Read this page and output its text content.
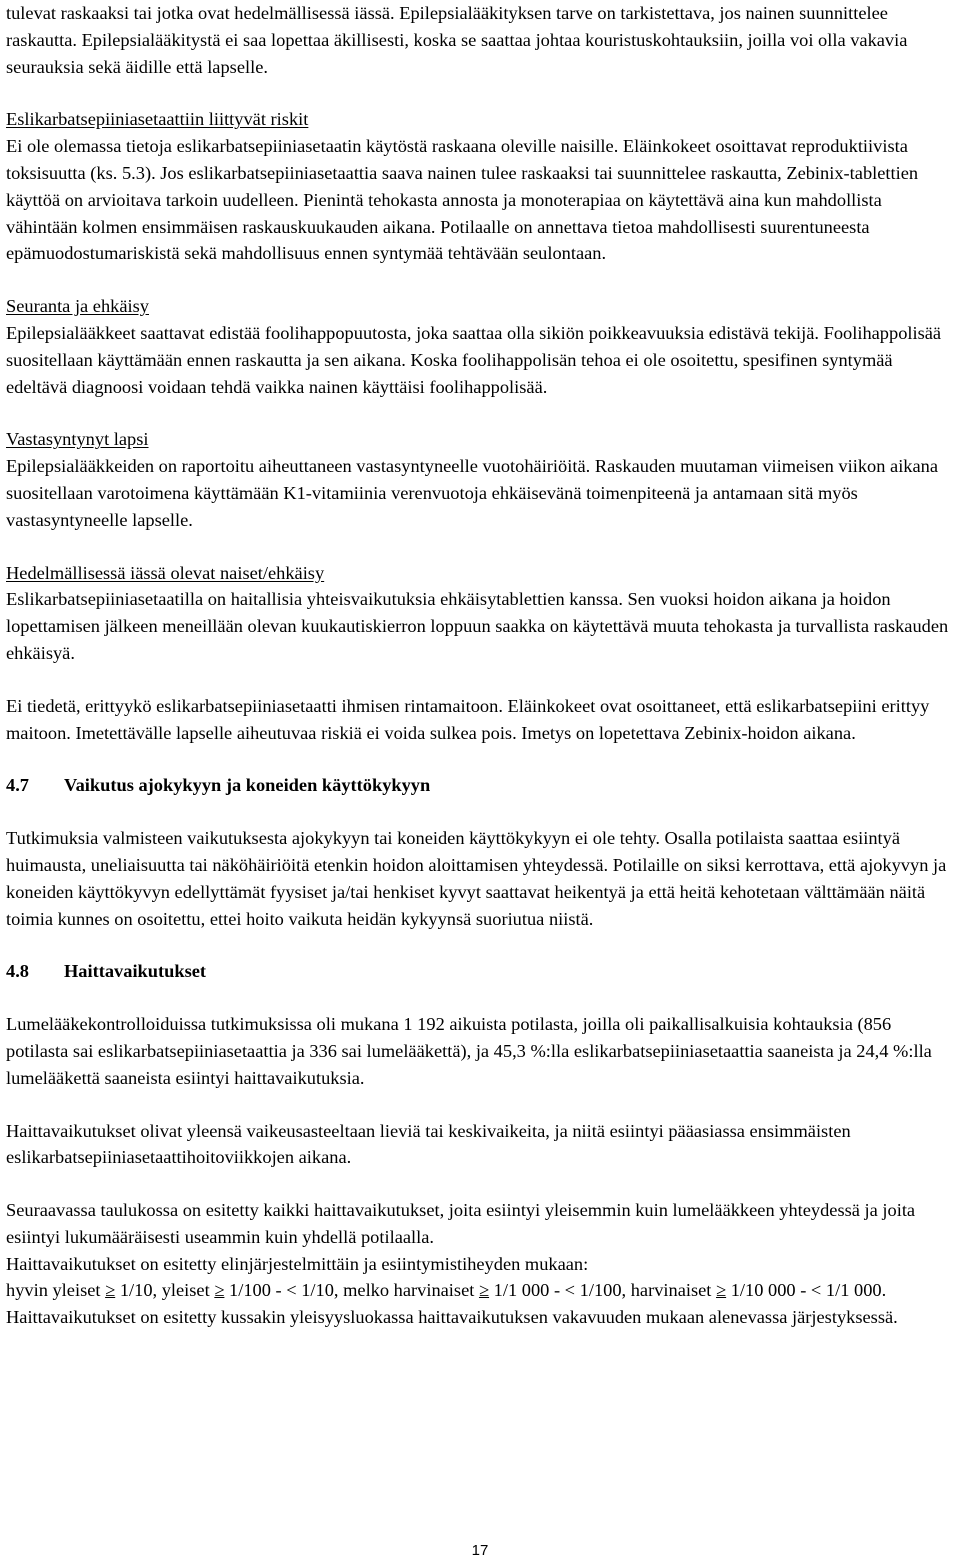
tulevat raskaaksi tai jotka ovat hedelmällisessä iässä. Epilepsialääkityksen tarve on tarkistettava, jos nainen suunnittelee raskautta. Epilepsialääkitystä ei saa lopettaa äkillisesti, koska se saattaa johtaa kouristuskohtauksiin, joilla voi olla vakavia seurauksia sekä äidille että lapselle.

Eslikarbatsepiiniasetaattiin liittyvät riskit

Ei ole olemassa tietoja eslikarbatsepiiniasetaatin käytöstä raskaana oleville naisille. Eläinkokeet osoittavat reproduktiivista toksisuutta (ks. 5.3). Jos eslikarbatsepiiniasetaattia saava nainen tulee raskaaksi tai suunnittelee raskautta, Zebinix-tablettien käyttöä on arvioitava tarkoin uudelleen. Pienintä tehokasta annosta ja monoterapiaa on käytettävä aina kun mahdollista vähintään kolmen ensimmäisen raskauskuukauden aikana. Potilaalle on annettava tietoa mahdollisesti suurentuneesta epämuodostumariskistä sekä mahdollisuus ennen syntymää tehtävään seulontaan.

Seuranta ja ehkäisy

Epilepsialääkkeet saattavat edistää foolihappopuutosta, joka saattaa olla sikiön poikkeavuuksia edistävä tekijä. Foolihappolisää suositellaan käyttämään ennen raskautta ja sen aikana. Koska foolihappolisän tehoa ei ole osoitettu, spesifinen syntymää edeltävä diagnoosi voidaan tehdä vaikka nainen käyttäisi foolihappolisää.

Vastasyntynyt lapsi

Epilepsialääkkeiden on raportoitu aiheuttaneen vastasyntyneelle vuotohäiriöitä. Raskauden muutaman viimeisen viikon aikana suositellaan varotoimena käyttämään K1-vitamiinia verenvuotoja ehkäisevänä toimenpiteenä ja antamaan sitä myös vastasyntyneelle lapselle.

Hedelmällisessä iässä olevat naiset/ehkäisy

Eslikarbatsepiiniasetaatilla on haitallisia yhteisvaikutuksia ehkäisytablettien kanssa. Sen vuoksi hoidon aikana ja hoidon lopettamisen jälkeen meneillään olevan kuukautiskierron loppuun saakka on käytettävä muuta tehokasta ja turvallista raskauden ehkäisyä.

Ei tiedetä, erittyykö eslikarbatsepiiniasetaatti ihmisen rintamaitoon. Eläinkokeet ovat osoittaneet, että eslikarbatsepiini erittyy maitoon. Imetettävälle lapselle aiheutuvaa riskiä ei voida sulkea pois. Imetys on lopetettava Zebinix-hoidon aikana.

4.7 Vaikutus ajokykyyn ja koneiden käyttökykyyn

Tutkimuksia valmisteen vaikutuksesta ajokykyyn tai koneiden käyttökykyyn ei ole tehty. Osalla potilaista saattaa esiintyä huimausta, uneliaisuutta tai näköhäiriöitä etenkin hoidon aloittamisen yhteydessä. Potilaille on siksi kerrottava, että ajokyvyn ja koneiden käyttökyvyn edellyttämät fyysiset ja/tai henkiset kyvyt saattavat heikentyä ja että heitä kehotetaan välttämään näitä toimia kunnes on osoitettu, ettei hoito vaikuta heidän kykyynsä suoriutua niistä.

4.8 Haittavaikutukset

Lumelääkekontrolloiduissa tutkimuksissa oli mukana 1 192 aikuista potilasta, joilla oli paikallisalkuisia kohtauksia (856 potilasta sai eslikarbatsepiiniasetaattia ja 336 sai lumelääkettä), ja 45,3 %:lla eslikarbatsepiiniasetaattia saaneista ja 24,4 %:lla lumelääkettä saaneista esiintyi haittavaikutuksia.

Haittavaikutukset olivat yleensä vaikeusasteeltaan lieviä tai keskivaikeita, ja niitä esiintyi pääasiassa ensimmäisten eslikarbatsepiiniasetaattihoitoviikkojen aikana.

Seuraavassa taulukossa on esitetty kaikki haittavaikutukset, joita esiintyi yleisemmin kuin lumelääkkeen yhteydessä ja joita esiintyi lukumääräisesti useammin kuin yhdellä potilaalla.

Haittavaikutukset on esitetty elinjärjestelmittäin ja esiintymistiheyden mukaan:

hyvin yleiset ≥ 1/10, yleiset ≥ 1/100 - < 1/10, melko harvinaiset ≥ 1/1 000 - < 1/100, harvinaiset ≥ 1/10 000 - < 1/1 000. Haittavaikutukset on esitetty kussakin yleisyysluokassa haittavaikutuksen vakavuuden mukaan alenevassa järjestyksessä.

17
